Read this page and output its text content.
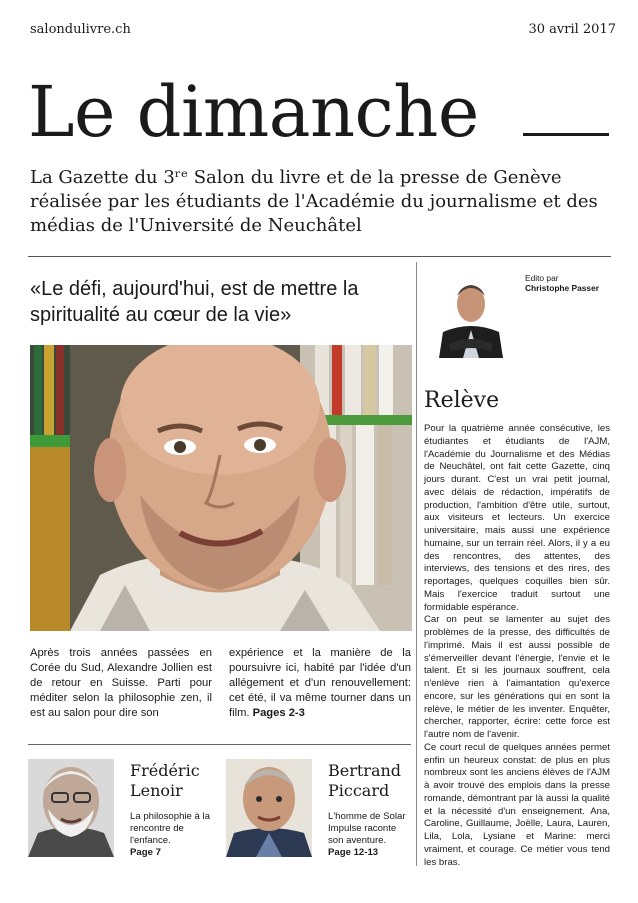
salondulivre.ch	30 avril 2017
Le dimanche
La Gazette du 3ʳᵉ Salon du livre et de la presse de Genève réalisée par les étudiants de l'Académie du journalisme et des médias de l'Université de Neuchâtel
«Le défi, aujourd'hui, est de mettre la spiritualité au cœur de la vie»
Après trois années passées en Corée du Sud, Alexandre Jollien est de retour en Suisse. Parti pour méditer selon la philosophie zen, il est au salon pour dire son
expérience et la manière de la poursuivre ici, habité par l'idée d'un allégement et d'un renouvellement: cet été, il va même tourner dans un film. Pages 2-3
Frédéric
Lenoir
La philosophie à la rencontre de l'enfance.
Page 7
Bertrand
Piccard
L'homme de Solar Impulse raconte son aventure.
Page 12-13
Edito par
Christophe Passer
Relève

Pour la quatrième année consécutive, les étudiantes et étudiants de l'AJM, l'Académie du Journalisme et des Médias de Neuchâtel, ont fait cette Gazette, cinq jours durant. C'est un vrai petit journal, avec délais de rédaction, impératifs de production, l'ambition d'être utile, surtout, aux visiteurs et lecteurs. Un exercice universitaire, mais aussi une expérience humaine, sur un terrain réel. Alors, il y a eu des rencontres, des attentes, des interviews, des tensions et des rires, des reportages, quelques coquilles bien sûr. Mais l'exercice traduit surtout une formidable espérance.

Car on peut se lamenter au sujet des problèmes de la presse, des difficultés de l'imprimé. Mais il est aussi possible de s'émerveiller devant l'énergie, l'envie et le talent. Et si les journaux souffrent, cela n'enlève rien à l'aimantation qu'exerce encore, sur les générations qui en sont la relève, le métier de les inventer. Enquêter, chercher, rapporter, écrire: cette force est l'autre nom de l'avenir.

Ce court recul de quelques années permet enfin un heureux constat: de plus en plus nombreux sont les anciens élèves de l'AJM à avoir trouvé des emplois dans la presse romande, démontrant par là aussi la qualité et la nécessité d'un enseignement. Ana, Caroline, Guillaume, Joëlle, Laura, Lauren, Lila, Lola, Lysiane et Marine: merci vraiment, et courage. Ce métier vous tend les bras.
